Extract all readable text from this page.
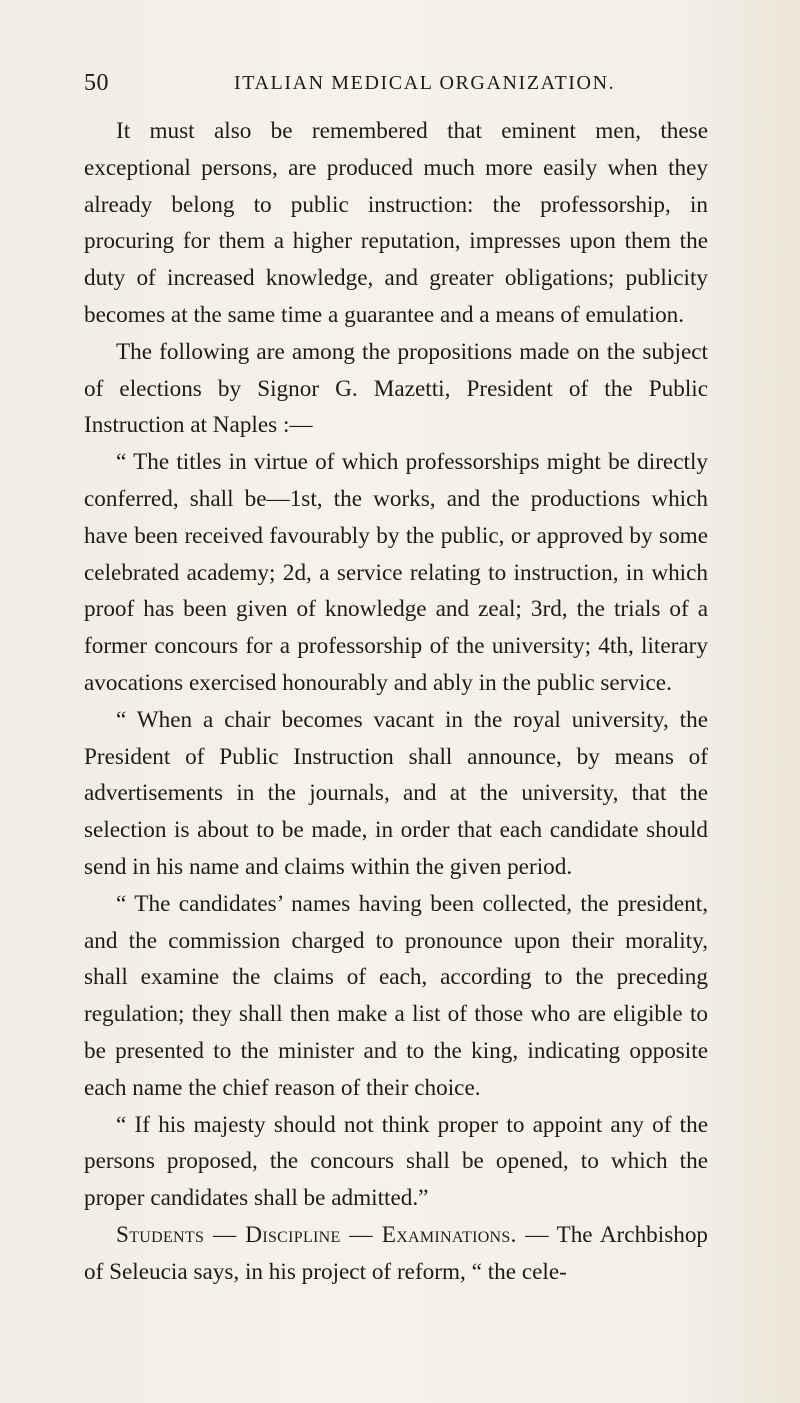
50	ITALIAN MEDICAL ORGANIZATION.

It must also be remembered that eminent men, these exceptional persons, are produced much more easily when they already belong to public instruction: the professorship, in procuring for them a higher reputation, impresses upon them the duty of increased knowledge, and greater obligations; publicity becomes at the same time a guarantee and a means of emulation.

The following are among the propositions made on the subject of elections by Signor G. Mazetti, President of the Public Instruction at Naples :—

“ The titles in virtue of which professorships might be directly conferred, shall be—1st, the works, and the productions which have been received favourably by the public, or approved by some celebrated academy; 2d, a service relating to instruction, in which proof has been given of knowledge and zeal; 3rd, the trials of a former concours for a professorship of the university; 4th, literary avocations exercised honourably and ably in the public service.

“ When a chair becomes vacant in the royal university, the President of Public Instruction shall announce, by means of advertisements in the journals, and at the university, that the selection is about to be made, in order that each candidate should send in his name and claims within the given period.

“ The candidates’ names having been collected, the president, and the commission charged to pronounce upon their morality, shall examine the claims of each, according to the preceding regulation; they shall then make a list of those who are eligible to be presented to the minister and to the king, indicating opposite each name the chief reason of their choice.

“ If his majesty should not think proper to appoint any of the persons proposed, the concours shall be opened, to which the proper candidates shall be admitted.”

Students — Discipline — Examinations. — The Archbishop of Seleucia says, in his project of reform, “ the cele-
